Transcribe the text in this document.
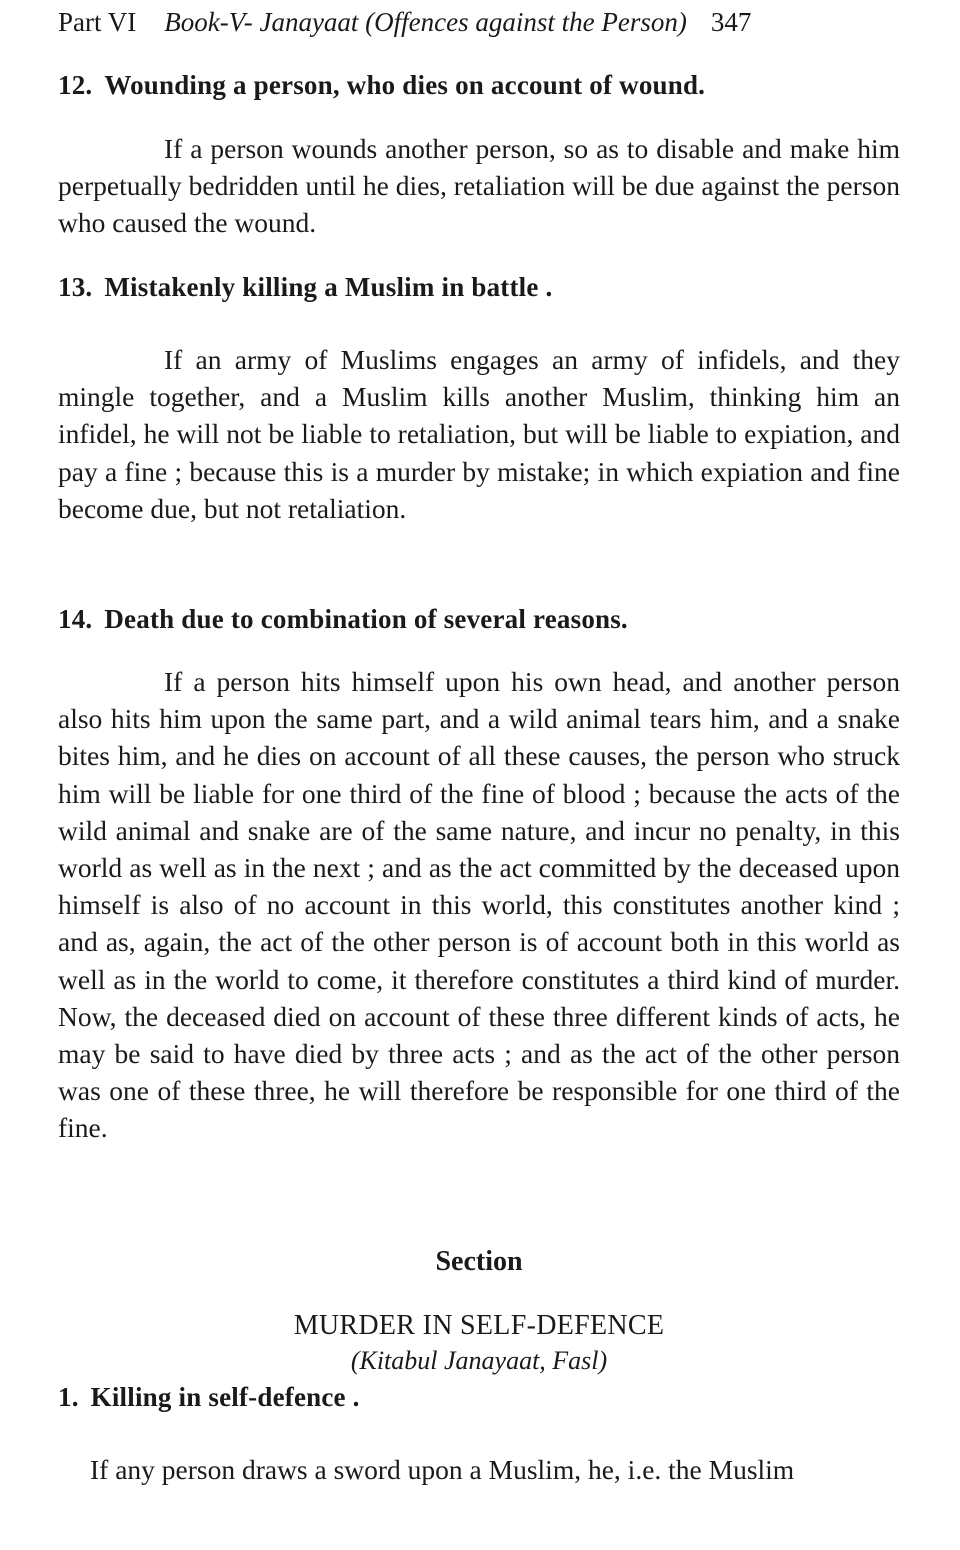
Part VI Book-V- Janayaat (Offences against the Person) 347
12. Wounding a person, who dies on account of wound.

If a person wounds another person, so as to disable and make him perpetually bedridden until he dies, retaliation will be due against the person who caused the wound.

13. Mistakenly killing a Muslim in battle .

If an army of Muslims engages an army of infidels, and they mingle together, and a Muslim kills another Muslim, thinking him an infidel, he will not be liable to retaliation, but will be liable to expiation, and pay a fine ; because this is a murder by mistake; in which expiation and fine become due, but not retaliation.

14. Death due to combination of several reasons.

If a person hits himself upon his own head, and another person also hits him upon the same part, and a wild animal tears him, and a snake bites him, and he dies on account of all these causes, the person who struck him will be liable for one third of the fine of blood ; because the acts of the wild animal and snake are of the same nature, and incur no penalty, in this world as well as in the next ; and as the act committed by the deceased upon himself is also of no account in this world, this constitutes another kind ; and as, again, the act of the other person is of account both in this world as well as in the world to come, it therefore constitutes a third kind of murder. Now, the deceased died on account of these three different kinds of acts, he may be said to have died by three acts ; and as the act of the other person was one of these three, he will therefore be responsible for one third of the fine.

Section
MURDER IN SELF-DEFENCE
(Kitabul Janayaat, Fasl)
1. Killing in self-defence .
If any person draws a sword upon a Muslim, he, i.e. the Muslim
